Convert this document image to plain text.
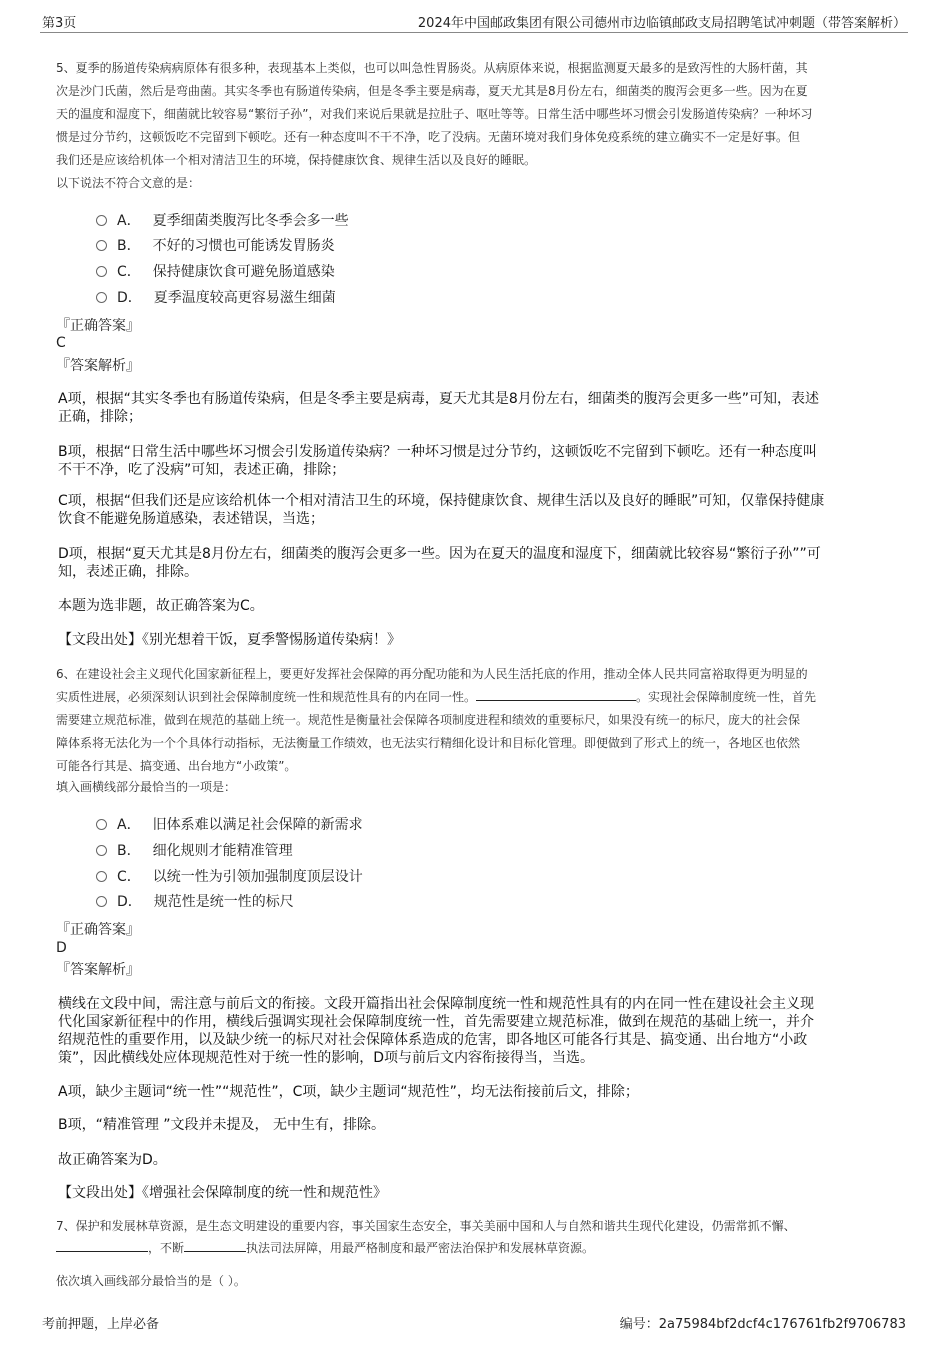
第3页	2024年中国邮政集团有限公司德州市边临镇邮政支局招聘笔试冲刺题（带答案解析）
5、夏季的肠道传染病病原体有很多种，表现基本上类似，也可以叫急性胃肠炎。从病原体来说，根据监测夏天最多的是致泻性的大肠杆菌，其
次是沙门氏菌，然后是弯曲菌。其实冬季也有肠道传染病，但是冬季主要是病毒，夏天尤其是8月份左右，细菌类的腹泻会更多一些。因为在夏
天的温度和湿度下，细菌就比较容易“繁衍子孙”，对我们来说后果就是拉肚子、呕吐等等。日常生活中哪些坏习惯会引发肠道传染病？一种坏习
惯是过分节约，这顿饭吃不完留到下顿吃。还有一种态度叫不干不净，吃了没病。无菌环境对我们身体免疫系统的建立确实不一定是好事。但
我们还是应该给机体一个相对清洁卫生的环境，保持健康饮食、规律生活以及良好的睡眠。
以下说法不符合文意的是：
A． 夏季细菌类腹泻比冬季会多一些
B． 不好的习惯也可能诱发胃肠炎
C． 保持健康饮食可避免肠道感染
D． 夏季温度较高更容易滋生细菌
『正确答案』
C
『答案解析』
A项，根据“其实冬季也有肠道传染病，但是冬季主要是病毒，夏天尤其是8月份左右，细菌类的腹泻会更多一些”可知，表述
正确，排除；
B项，根据“日常生活中哪些坏习惯会引发肠道传染病？一种坏习惯是过分节约，这顿饭吃不完留到下顿吃。还有一种态度叫
不干不净，吃了没病”可知，表述正确，排除；
C项，根据“但我们还是应该给机体一个相对清洁卫生的环境，保持健康饮食、规律生活以及良好的睡眠”可知，仅靠保持健康
饮食不能避免肠道感染，表述错误，当选；
D项，根据“夏天尤其是8月份左右，细菌类的腹泻会更多一些。因为在夏天的温度和湿度下，细菌就比较容易“繁衍子孙””可
知，表述正确，排除。
本题为选非题，故正确答案为C。
【文段出处】《别光想着干饭，夏季警惕肠道传染病！》
6、在建设社会主义现代化国家新征程上，要更好发挥社会保障的再分配功能和为人民生活托底的作用，推动全体人民共同富裕取得更为明显的
实质性进展，必须深刻认识到社会保障制度统一性和规范性具有的内在同一性。	。实现社会保障制度统一性，首先
需要建立规范标准，做到在规范的基础上统一。规范性是衡量社会保障各项制度进程和绩效的重要标尺，如果没有统一的标尺，庞大的社会保
障体系将无法化为一个个具体行动指标，无法衡量工作绩效，也无法实行精细化设计和目标化管理。即便做到了形式上的统一，各地区也依然
可能各行其是、搞变通、出台地方“小政策”。
填入画横线部分最恰当的一项是：
A． 旧体系难以满足社会保障的新需求
B． 细化规则才能精准管理
C． 以统一性为引领加强制度顶层设计
D． 规范性是统一性的标尺
『正确答案』
D
『答案解析』
横线在文段中间，需注意与前后文的衔接。文段开篇指出社会保障制度统一性和规范性具有的内在同一性在建设社会主义现
代化国家新征程中的作用，横线后强调实现社会保障制度统一性，首先需要建立规范标准，做到在规范的基础上统一，并介
绍规范性的重要作用，以及缺少统一的标尺对社会保障体系造成的危害，即各地区可能各行其是、搞变通、出台地方“小政
策”，因此横线处应体现规范性对于统一性的影响，D项与前后文内容衔接得当，当选。
A项，缺少主题词“统一性”“规范性”，C项，缺少主题词“规范性”，均无法衔接前后文，排除；
B项，“精准管理 ”文段并未提及， 无中生有，排除。
故正确答案为D。
【文段出处】《增强社会保障制度的统一性和规范性》
7、保护和发展林草资源，是生态文明建设的重要内容，事关国家生态安全，事关美丽中国和人与自然和谐共生现代化建设，仍需常抓不懈、
，不断	执法司法屏障，用最严格制度和最严密法治保护和发展林草资源。
依次填入画线部分最恰当的是（ ）。
考前押题，上岸必备	编号：2a75984bf2dcf4c176761fb2f9706783
